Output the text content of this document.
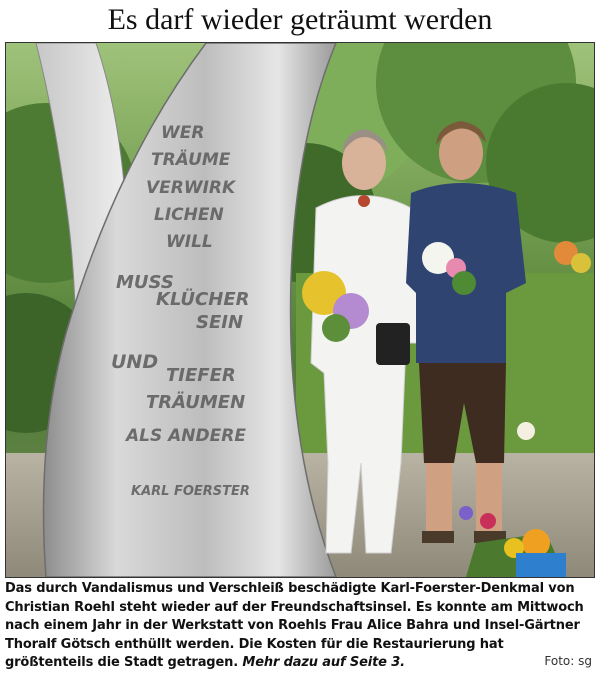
Es darf wieder geträumt werden
WER
TRÄUME
VERWIRK
LICHEN
WILL
MUSS
KLÜCHER
SEIN
UND
TIEFER
TRÄUMEN
ALS ANDERE
KARL FOERSTER
Das durch Vandalismus und Verschleiß beschädigte Karl-Foerster-Denkmal von Christian Roehl steht wieder auf der Freundschaftsinsel. Es konnte am Mittwoch nach einem Jahr in der Werkstatt von Roehls Frau Alice Bahra und Insel-Gärtner Thoralf Götsch enthüllt werden. Die Kosten für die Restaurierung hat größtenteils die Stadt getragen. Mehr dazu auf Seite 3.	Foto: sg
